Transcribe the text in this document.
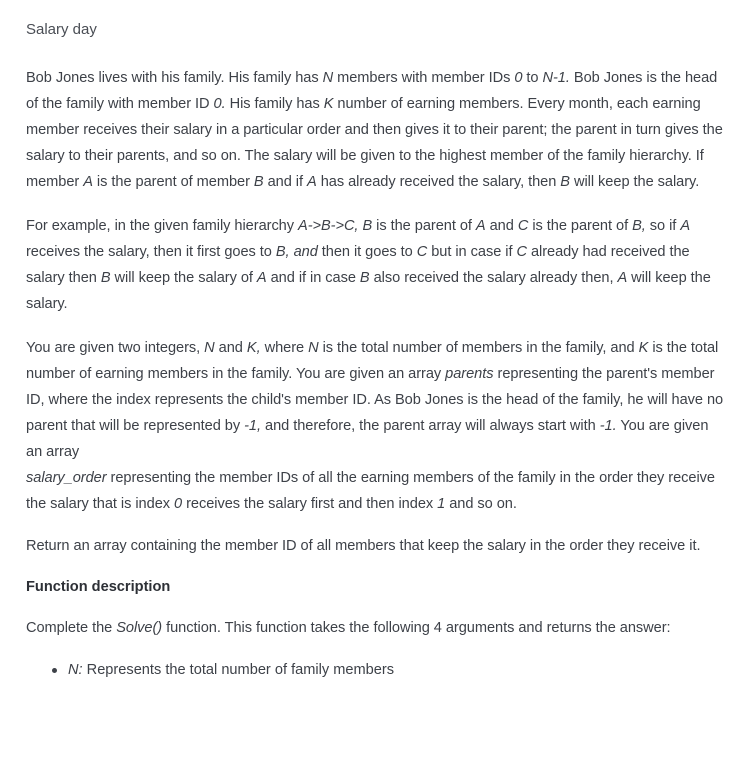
Salary day

Bob Jones lives with his family. His family has N members with member IDs 0 to N-1. Bob Jones is the head of the family with member ID 0. His family has K number of earning members. Every month, each earning member receives their salary in a particular order and then gives it to their parent; the parent in turn gives the salary to their parents, and so on. The salary will be given to the highest member of the family hierarchy. If member A is the parent of member B and if A has already received the salary, then B will keep the salary.

For example, in the given family hierarchy A->B->C, B is the parent of A and C is the parent of B, so if A receives the salary, then it first goes to B, and then it goes to C but in case if C already had received the salary then B will keep the salary of A and if in case B also received the salary already then, A will keep the salary.

You are given two integers, N and K, where N is the total number of members in the family, and K is the total number of earning members in the family. You are given an array parents representing the parent's member ID, where the index represents the child's member ID. As Bob Jones is the head of the family, he will have no parent that will be represented by -1, and therefore, the parent array will always start with -1. You are given an array
salary_order representing the member IDs of all the earning members of the family in the order they receive the salary that is index 0 receives the salary first and then index 1 and so on.

Return an array containing the member ID of all members that keep the salary in the order they receive it.

Function description

Complete the Solve() function. This function takes the following 4 arguments and returns the answer:

N: Represents the total number of family members
